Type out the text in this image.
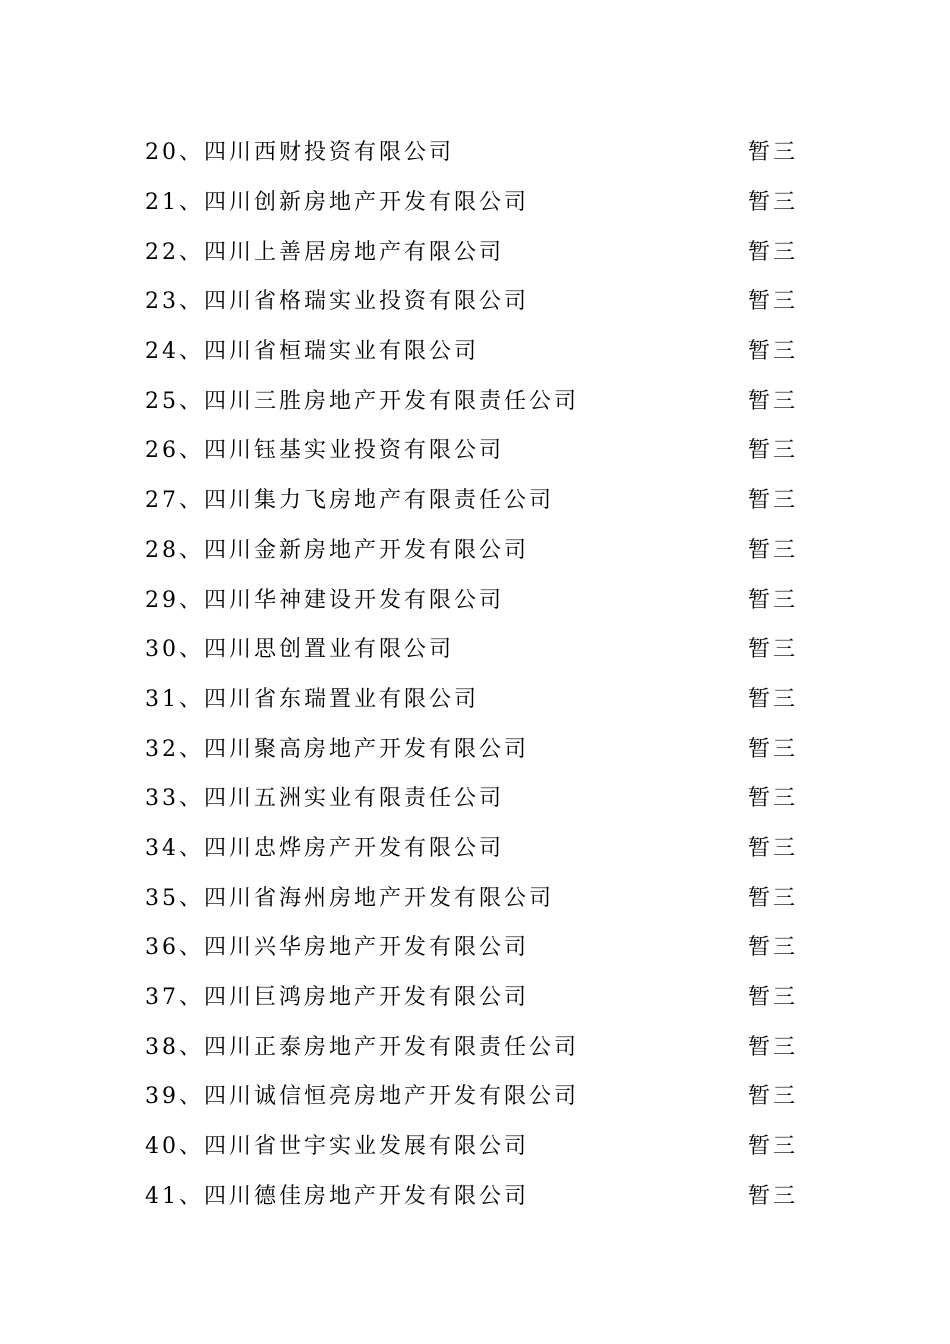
20、 四川西财投资有限公司	暂三
21、 四川创新房地产开发有限公司	暂三
22、 四川上善居房地产有限公司	暂三
23、 四川省格瑞实业投资有限公司	暂三
24、 四川省桓瑞实业有限公司	暂三
25、 四川三胜房地产开发有限责任公司	暂三
26、 四川钰基实业投资有限公司	暂三
27、 四川集力飞房地产有限责任公司	暂三
28、 四川金新房地产开发有限公司	暂三
29、 四川华神建设开发有限公司	暂三
30、 四川思创置业有限公司	暂三
31、 四川省东瑞置业有限公司	暂三
32、 四川聚高房地产开发有限公司	暂三
33、 四川五洲实业有限责任公司	暂三
34、 四川忠烨房产开发有限公司	暂三
35、 四川省海州房地产开发有限公司	暂三
36、 四川兴华房地产开发有限公司	暂三
37、 四川巨鸿房地产开发有限公司	暂三
38、 四川正泰房地产开发有限责任公司	暂三
39、 四川诚信恒亮房地产开发有限公司	暂三
40、 四川省世宇实业发展有限公司	暂三
41、 四川德佳房地产开发有限公司	暂三
